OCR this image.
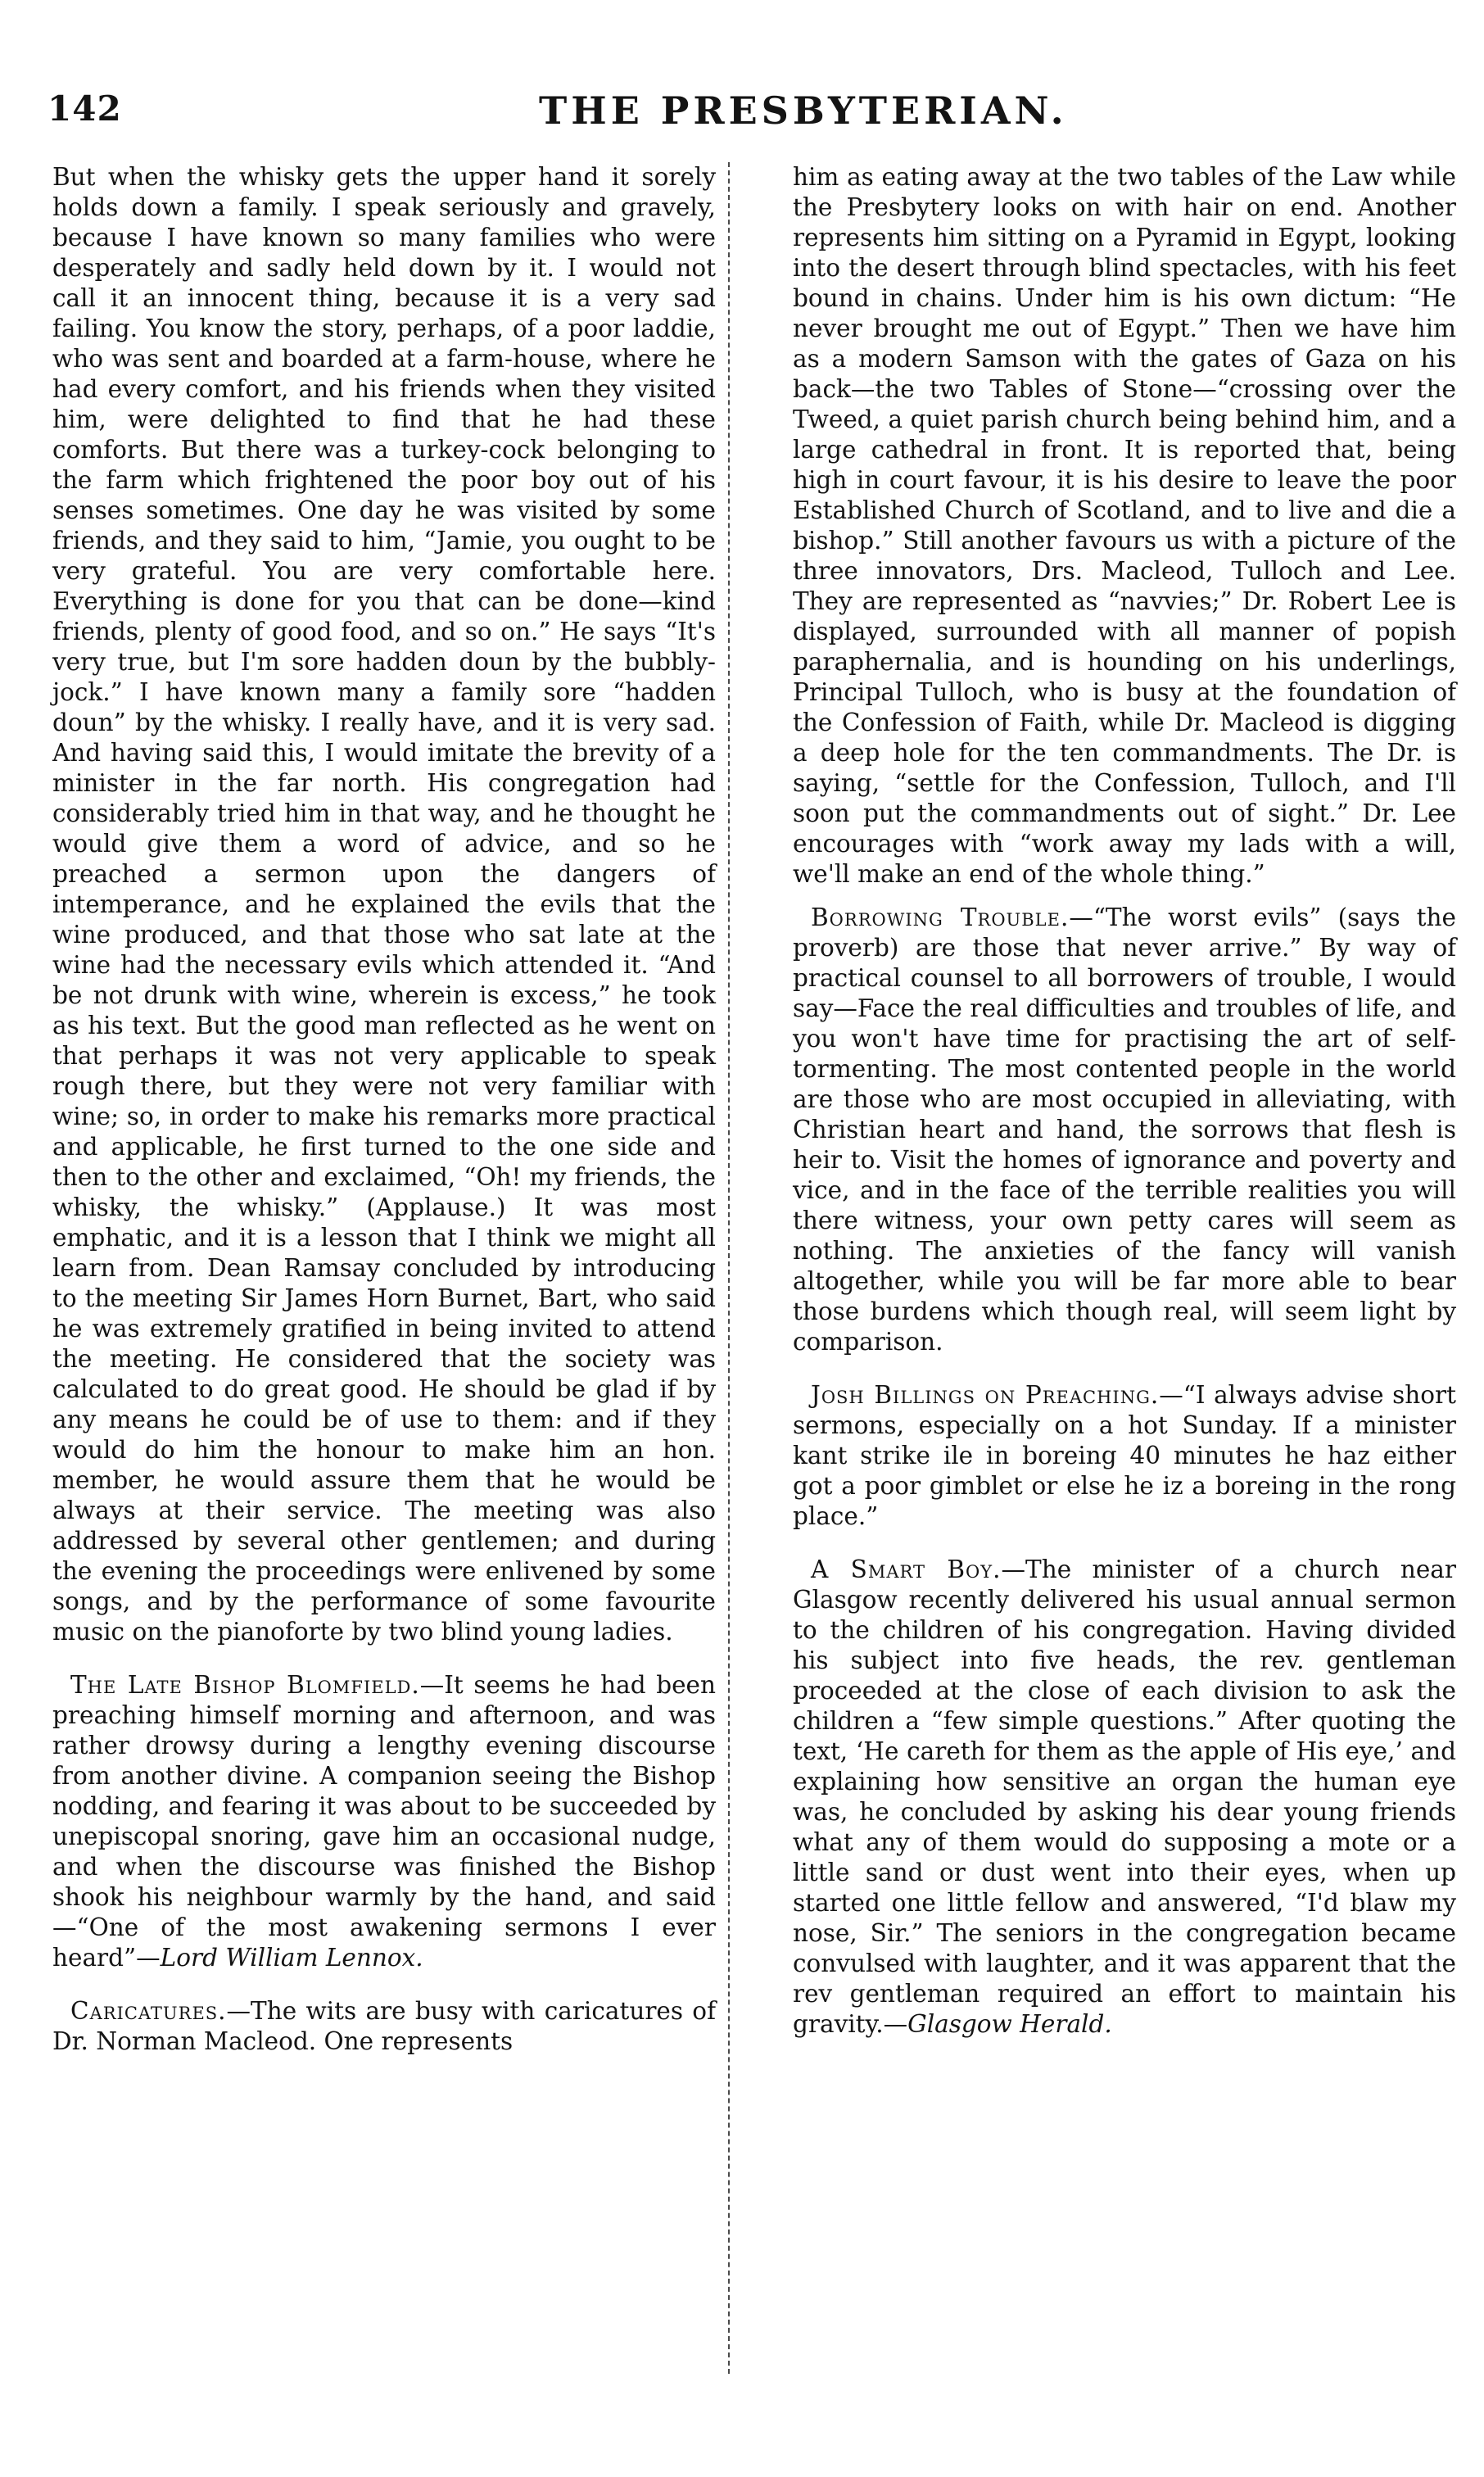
142	THE PRESBYTERIAN.

But when the whisky gets the upper hand it sorely holds down a family. I speak seriously and gravely, because I have known so many families who were desperately and sadly held down by it. I would not call it an innocent thing, because it is a very sad failing. You know the story, perhaps, of a poor laddie, who was sent and boarded at a farm-house, where he had every comfort, and his friends when they visited him, were delighted to find that he had these comforts. But there was a turkey-cock belonging to the farm which frightened the poor boy out of his senses sometimes. One day he was visited by some friends, and they said to him, “Jamie, you ought to be very grateful. You are very comfortable here. Everything is done for you that can be done—kind friends, plenty of good food, and so on.” He says “It's very true, but I'm sore hadden doun by the bubbly-jock.” I have known many a family sore “hadden doun” by the whisky. I really have, and it is very sad. And having said this, I would imitate the brevity of a minister in the far north. His congregation had considerably tried him in that way, and he thought he would give them a word of advice, and so he preached a sermon upon the dangers of intemperance, and he explained the evils that the wine produced, and that those who sat late at the wine had the necessary evils which attended it. “And be not drunk with wine, wherein is excess,” he took as his text. But the good man reflected as he went on that perhaps it was not very applicable to speak rough there, but they were not very familiar with wine; so, in order to make his remarks more practical and applicable, he first turned to the one side and then to the other and exclaimed, “Oh! my friends, the whisky, the whisky.” (Applause.) It was most emphatic, and it is a lesson that I think we might all learn from. Dean Ramsay concluded by introducing to the meeting Sir James Horn Burnet, Bart, who said he was extremely gratified in being invited to attend the meeting. He considered that the society was calculated to do great good. He should be glad if by any means he could be of use to them: and if they would do him the honour to make him an hon. member, he would assure them that he would be always at their service. The meeting was also addressed by several other gentlemen; and during the evening the proceedings were enlivened by some songs, and by the performance of some favourite music on the pianoforte by two blind young ladies.

The Late Bishop Blomfield.—It seems he had been preaching himself morning and afternoon, and was rather drowsy during a lengthy evening discourse from another divine. A companion seeing the Bishop nodding, and fearing it was about to be succeeded by unepiscopal snoring, gave him an occasional nudge, and when the discourse was finished the Bishop shook his neighbour warmly by the hand, and said—“One of the most awakening sermons I ever heard”—Lord William Lennox.

Caricatures.—The wits are busy with caricatures of Dr. Norman Macleod. One represents

him as eating away at the two tables of the Law while the Presbytery looks on with hair on end. Another represents him sitting on a Pyramid in Egypt, looking into the desert through blind spectacles, with his feet bound in chains. Under him is his own dictum: “He never brought me out of Egypt.” Then we have him as a modern Samson with the gates of Gaza on his back—the two Tables of Stone—“crossing over the Tweed, a quiet parish church being behind him, and a large cathedral in front. It is reported that, being high in court favour, it is his desire to leave the poor Established Church of Scotland, and to live and die a bishop.” Still another favours us with a picture of the three innovators, Drs. Macleod, Tulloch and Lee. They are represented as “navvies;” Dr. Robert Lee is displayed, surrounded with all manner of popish paraphernalia, and is hounding on his underlings, Principal Tulloch, who is busy at the foundation of the Confession of Faith, while Dr. Macleod is digging a deep hole for the ten commandments. The Dr. is saying, “settle for the Confession, Tulloch, and I'll soon put the commandments out of sight.” Dr. Lee encourages with “work away my lads with a will, we'll make an end of the whole thing.”

Borrowing Trouble.—“The worst evils” (says the proverb) are those that never arrive.” By way of practical counsel to all borrowers of trouble, I would say—Face the real difficulties and troubles of life, and you won't have time for practising the art of self-tormenting. The most contented people in the world are those who are most occupied in alleviating, with Christian heart and hand, the sorrows that flesh is heir to. Visit the homes of ignorance and poverty and vice, and in the face of the terrible realities you will there witness, your own petty cares will seem as nothing. The anxieties of the fancy will vanish altogether, while you will be far more able to bear those burdens which though real, will seem light by comparison.

Josh Billings on Preaching.—“I always advise short sermons, especially on a hot Sunday. If a minister kant strike ile in boreing 40 minutes he haz either got a poor gimblet or else he iz a boreing in the rong place.”

A Smart Boy.—The minister of a church near Glasgow recently delivered his usual annual sermon to the children of his congregation. Having divided his subject into five heads, the rev. gentleman proceeded at the close of each division to ask the children a “few simple questions.” After quoting the text, ‘He careth for them as the apple of His eye,’ and explaining how sensitive an organ the human eye was, he concluded by asking his dear young friends what any of them would do supposing a mote or a little sand or dust went into their eyes, when up started one little fellow and answered, “I'd blaw my nose, Sir.” The seniors in the congregation became convulsed with laughter, and it was apparent that the rev gentleman required an effort to maintain his gravity.—Glasgow Herald.
